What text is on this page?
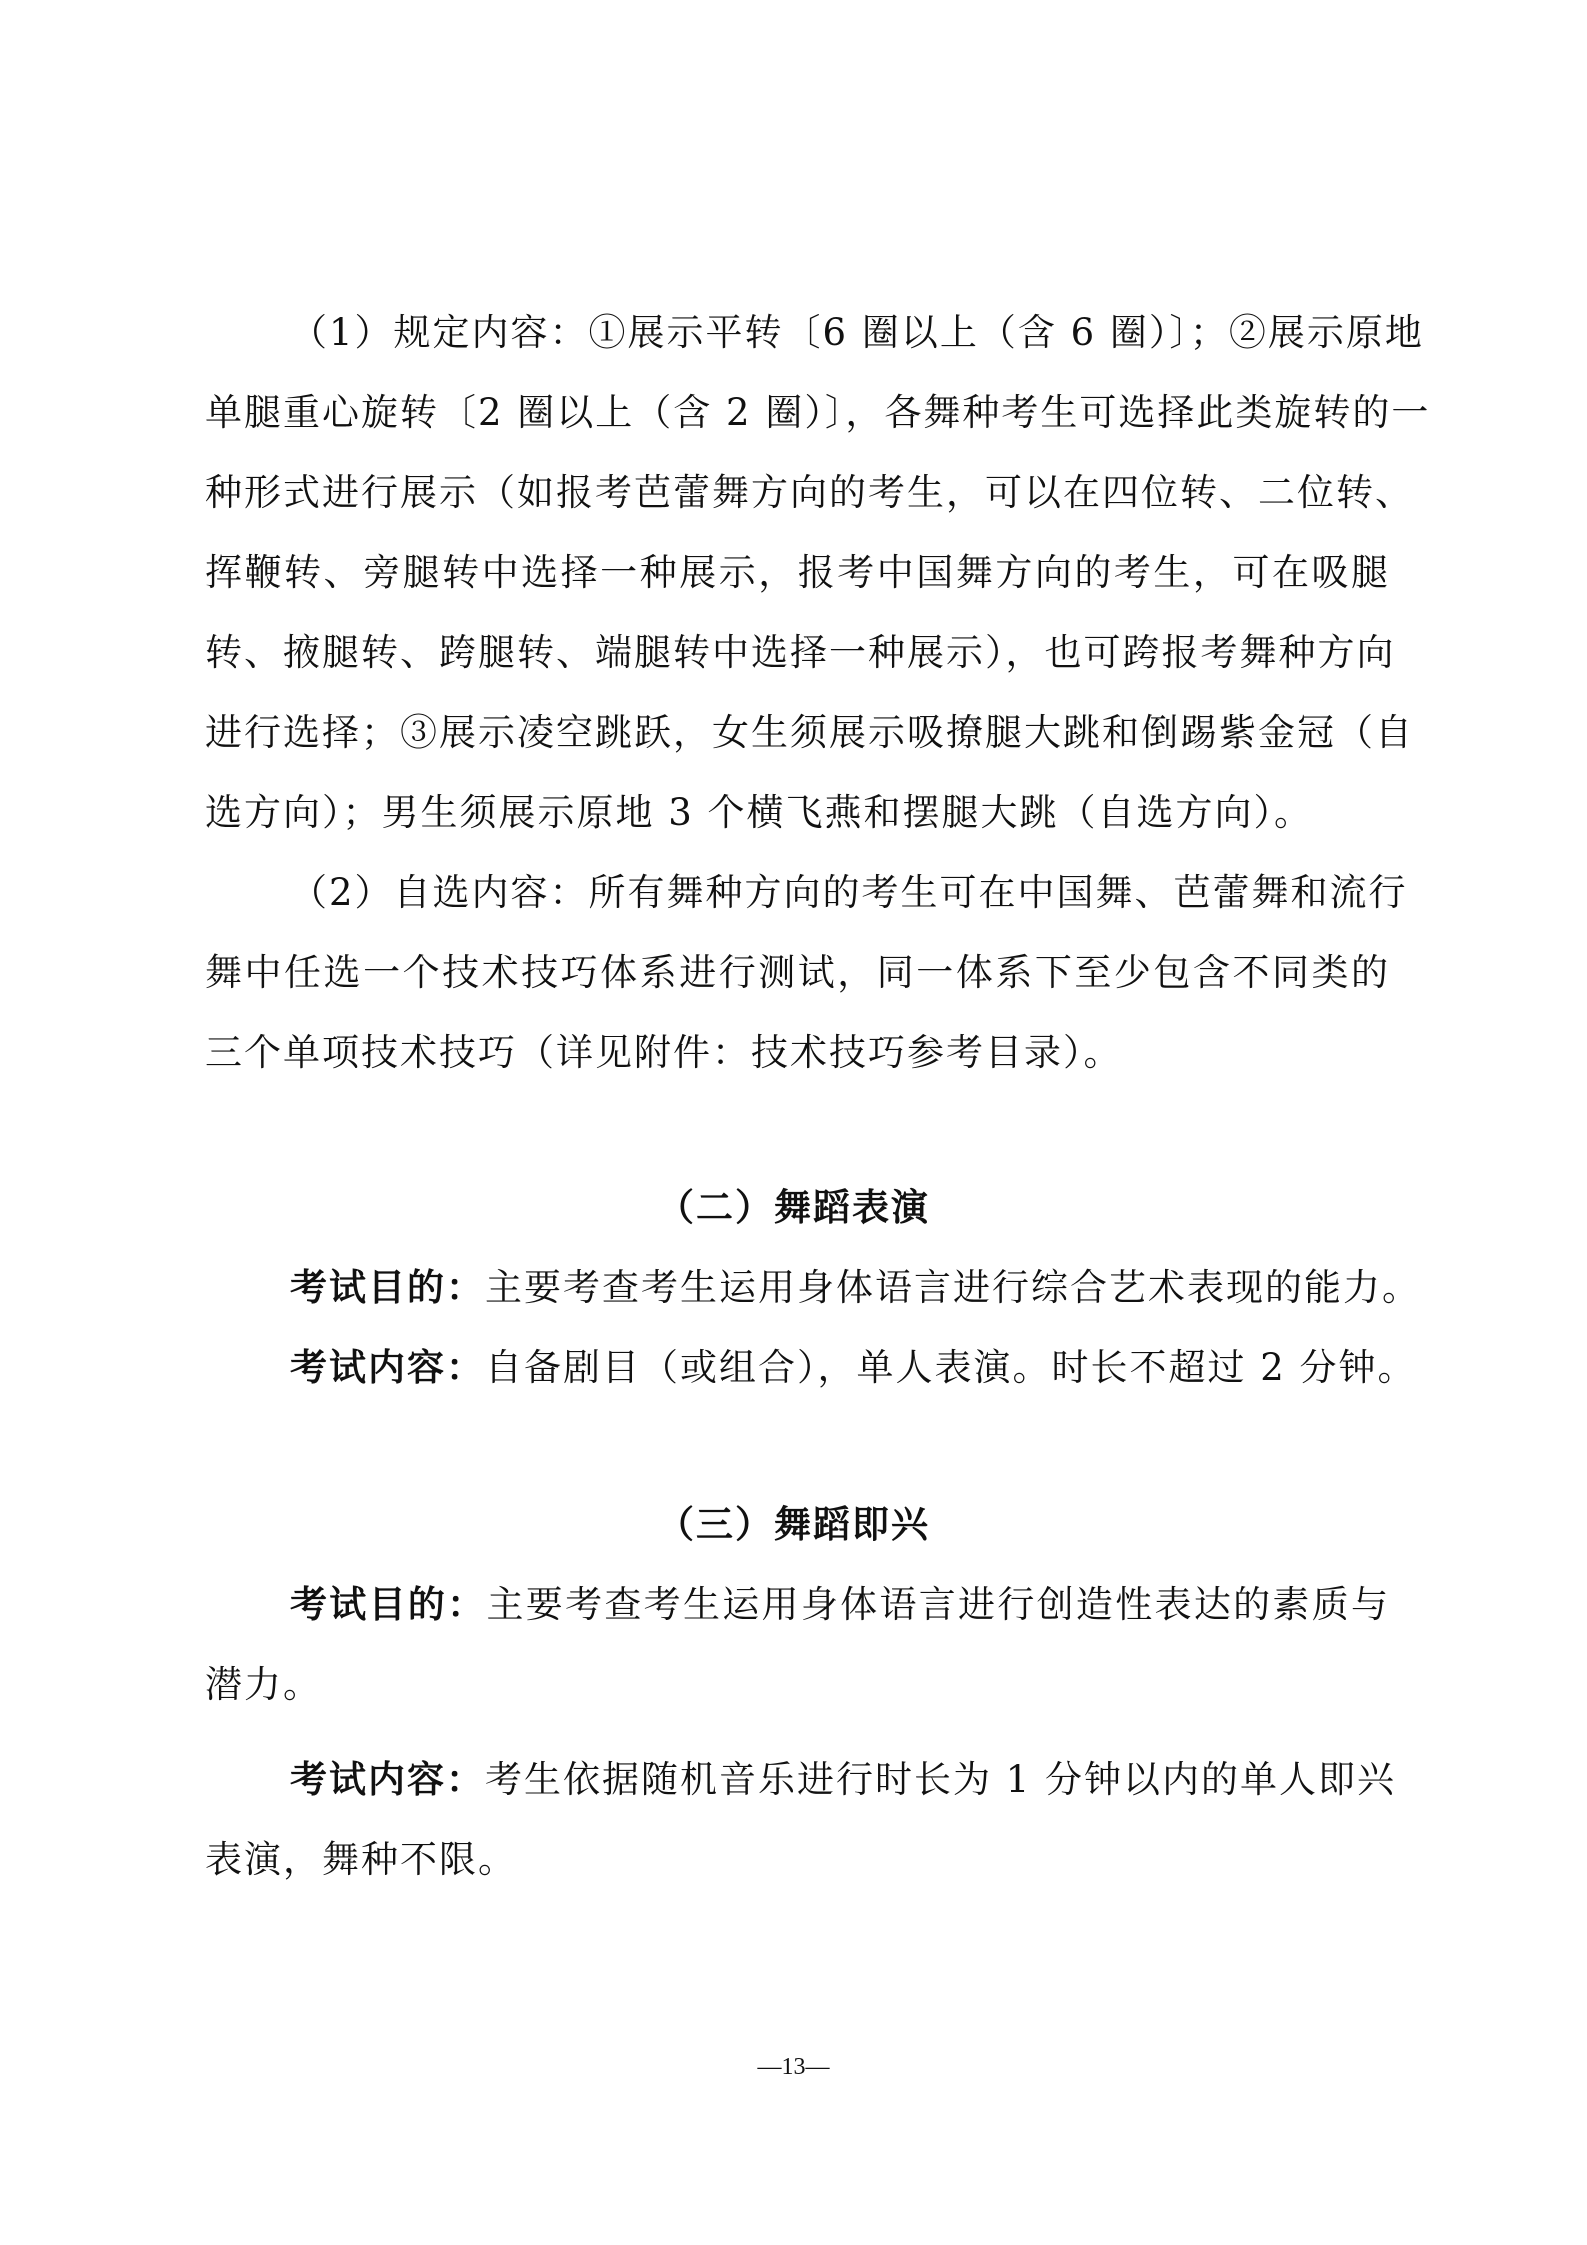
（1）规定内容：①展示平转〔6 圈以上（含 6 圈）〕；②展示原地
单腿重心旋转〔2 圈以上（含 2 圈）〕，各舞种考生可选择此类旋转的一
种形式进行展示（如报考芭蕾舞方向的考生，可以在四位转、二位转、
挥鞭转、旁腿转中选择一种展示，报考中国舞方向的考生，可在吸腿
转、掖腿转、跨腿转、端腿转中选择一种展示），也可跨报考舞种方向
进行选择；③展示凌空跳跃，女生须展示吸撩腿大跳和倒踢紫金冠（自
选方向）；男生须展示原地 3 个横飞燕和摆腿大跳（自选方向）。
（2）自选内容：所有舞种方向的考生可在中国舞、芭蕾舞和流行
舞中任选一个技术技巧体系进行测试，同一体系下至少包含不同类的
三个单项技术技巧（详见附件：技术技巧参考目录）。
（二）舞蹈表演
考试目的：主要考查考生运用身体语言进行综合艺术表现的能力。
考试内容：自备剧目（或组合），单人表演。时长不超过 2 分钟。
（三）舞蹈即兴
考试目的：主要考查考生运用身体语言进行创造性表达的素质与
潜力。
考试内容：考生依据随机音乐进行时长为 1 分钟以内的单人即兴
表演，舞种不限。
—13—
